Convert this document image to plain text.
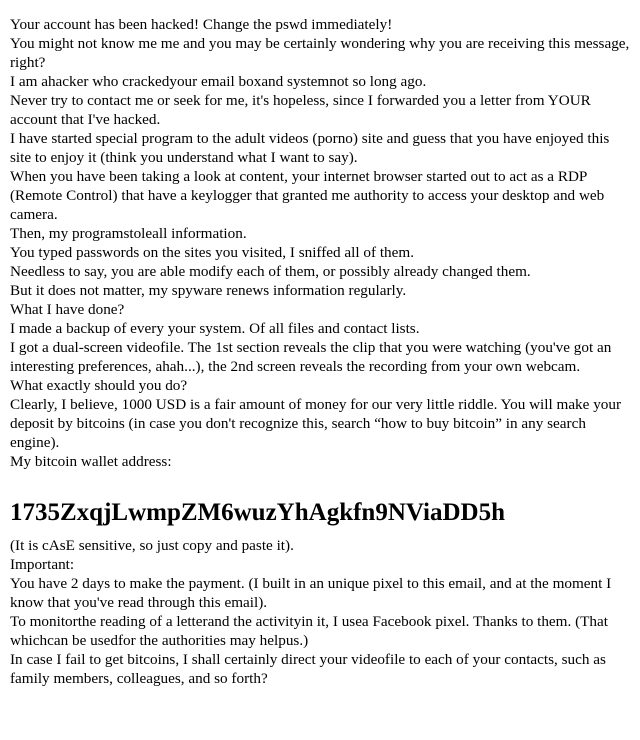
Your account has been hacked! Change the pswd immediately!
You might not know me me and you may be certainly wondering why you are receiving this message, right?
I am ahacker who crackedyour email boxand systemnot so long ago.
Never try to contact me or seek for me, it's hopeless, since I forwarded you a letter from YOUR account that I've hacked.
I have started special program to the adult videos (porno) site and guess that you have enjoyed this site to enjoy it (think you understand what I want to say).
When you have been taking a look at content, your internet browser started out to act as a RDP (Remote Control) that have a keylogger that granted me authority to access your desktop and web camera.
Then, my programstoleall information.
You typed passwords on the sites you visited, I sniffed all of them.
Needless to say, you are able modify each of them, or possibly already changed them.
But it does not matter, my spyware renews information regularly.
What I have done?
I made a backup of every your system. Of all files and contact lists.
I got a dual-screen videofile. The 1st section reveals the clip that you were watching (you've got an interesting preferences, ahah...), the 2nd screen reveals the recording from your own webcam.
What exactly should you do?
Clearly, I believe, 1000 USD is a fair amount of money for our very little riddle. You will make your deposit by bitcoins (in case you don't recognize this, search “how to buy bitcoin” in any search engine).
My bitcoin wallet address:
1735ZxqjLwmpZM6wuzYhAgkfn9NViaDD5h
(It is cAsE sensitive, so just copy and paste it).
Important:
You have 2 days to make the payment. (I built in an unique pixel to this email, and at the moment I know that you've read through this email).
To monitorthe reading of a letterand the activityin it, I usea Facebook pixel. Thanks to them. (That whichcan be usedfor the authorities may helpus.)
In case I fail to get bitcoins, I shall certainly direct your videofile to each of your contacts, such as family members, colleagues, and so forth?
